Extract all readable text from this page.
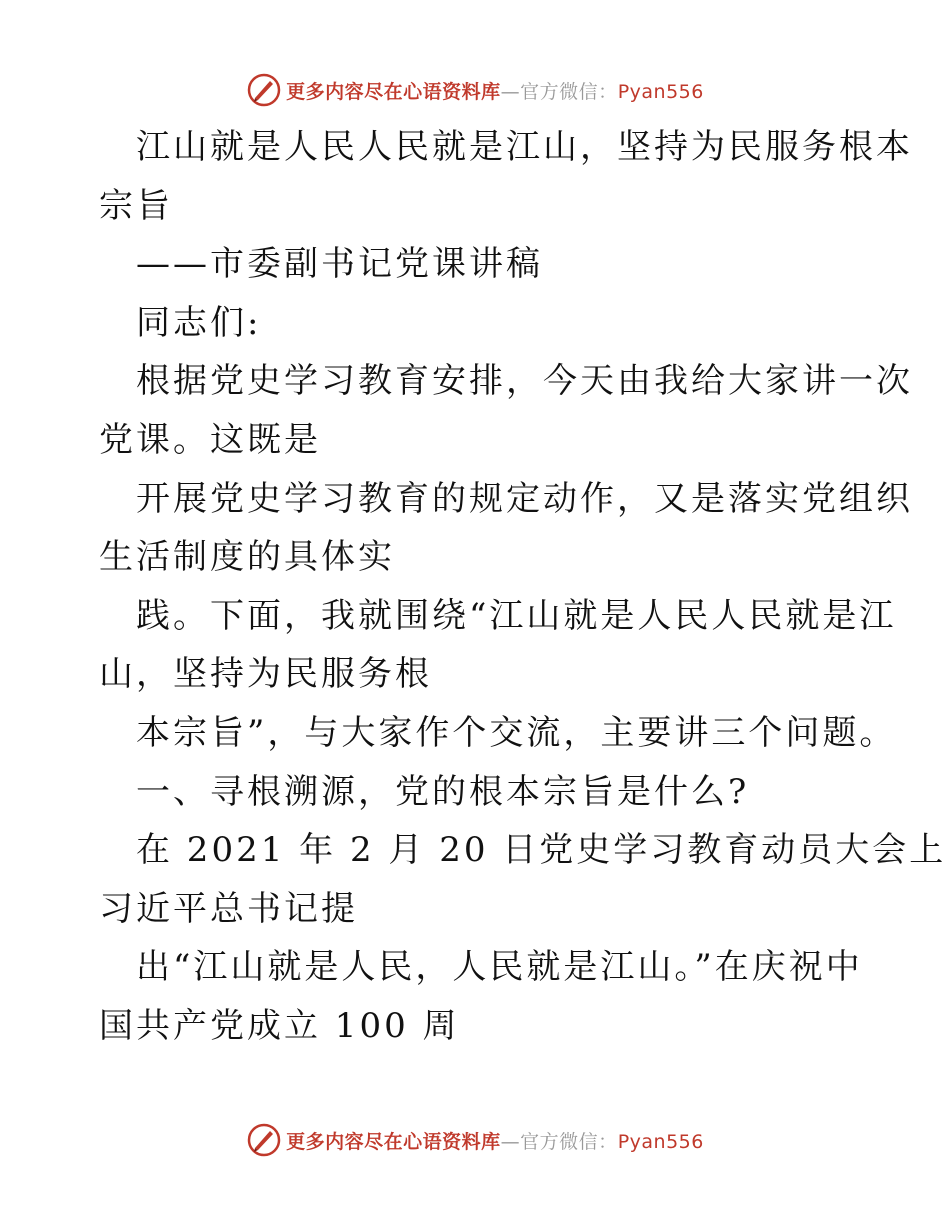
更多内容尽在心语资料库—官方微信：Pyan556
江山就是人民人民就是江山，坚持为民服务根本
宗旨
——市委副书记党课讲稿
同志们:
根据党史学习教育安排，今天由我给大家讲一次
党课。这既是
开展党史学习教育的规定动作，又是落实党组织
生活制度的具体实
践。下面，我就围绕“江山就是人民人民就是江
山，坚持为民服务根
本宗旨”，与大家作个交流，主要讲三个问题。
一、寻根溯源，党的根本宗旨是什么?
在 2021 年 2 月 20 日党史学习教育动员大会上
习近平总书记提
出“江山就是人民，人民就是江山。”在庆祝中
国共产党成立 100 周
更多内容尽在心语资料库—官方微信：Pyan556
